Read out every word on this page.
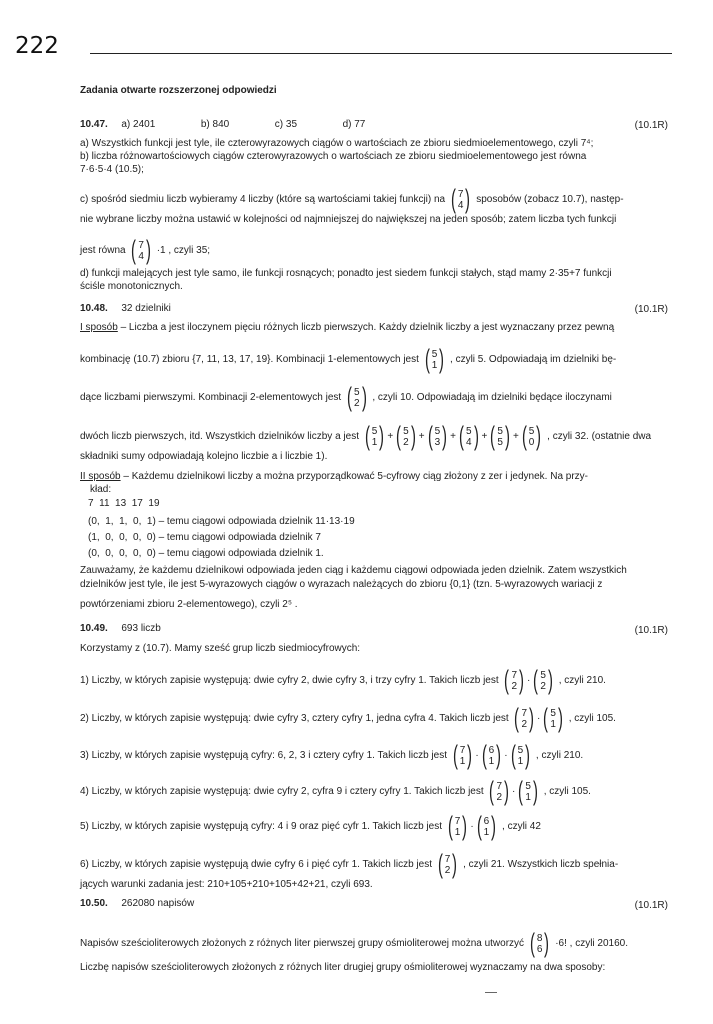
222
Zadania otwarte rozszerzonej odpowiedzi
10.47. a) 2401	b) 840	c) 35	d) 77	(10.1R)
a) Wszystkich funkcji jest tyle, ile czterowyrazowych ciągów o wartościach ze zbioru siedmioelementowego, czyli 7⁴;
b) liczba różnowartościowych ciągów czterowyrazowych o wartościach ze zbioru siedmioelementowego jest równa
7·6·5·4 (10.5);
c) spośród siedmiu liczb wybieramy 4 liczby (które są wartościami takiej funkcji) na ( 7
4 ) sposobów (zobacz 10.7), następ-
nie wybrane liczby można ustawić w kolejności od najmniejszej do największej na jeden sposób; zatem liczba tych funkcji
jest równa ( 7
4 ) ·1 , czyli 35;
d) funkcji malejących jest tyle samo, ile funkcji rosnących; ponadto jest siedem funkcji stałych, stąd mamy 2·35+7 funkcji
ściśle monotonicznych.
10.48. 32 dzielniki	(10.1R)
I sposób – Liczba a jest iloczynem pięciu różnych liczb pierwszych. Każdy dzielnik liczby a jest wyznaczany przez pewną
kombinację (10.7) zbioru {7, 11, 13, 17, 19}. Kombinacji 1-elementowych jest ( 5
1 ) , czyli 5. Odpowiadają im dzielniki bę-
dące liczbami pierwszymi. Kombinacji 2-elementowych jest ( 5
2 ) , czyli 10. Odpowiadają im dzielniki będące iloczynami
dwóch liczb pierwszych, itd. Wszystkich dzielników liczby a jest ( 5
1 ) + ( 5
2 ) + ( 5
3 ) + ( 5
4 ) + ( 5
5 ) + ( 5
0 ) , czyli 32. (ostatnie dwa
składniki sumy odpowiadają kolejno liczbie a i liczbie 1).
II sposób – Każdemu dzielnikowi liczby a można przyporządkować 5-cyfrowy ciąg złożony z zer i jedynek. Na przy-
kład:
7  11  13  17  19
(0,  1,  1,  0,  1) – temu ciągowi odpowiada dzielnik 11·13·19
(1,  0,  0,  0,  0) – temu ciągowi odpowiada dzielnik 7
(0,  0,  0,  0,  0) – temu ciągowi odpowiada dzielnik 1.
Zauważamy, że każdemu dzielnikowi odpowiada jeden ciąg i każdemu ciągowi odpowiada jeden dzielnik. Zatem wszystkich
dzielników jest tyle, ile jest 5-wyrazowych ciągów o wyrazach należących do zbioru {0,1} (tzn. 5-wyrazowych wariacji z
powtórzeniami zbioru 2-elementowego), czyli 2⁵ .
10.49. 693 liczb	(10.1R)
Korzystamy z (10.7). Mamy sześć grup liczb siedmiocyfrowych:
1) Liczby, w których zapisie występują: dwie cyfry 2, dwie cyfry 3, i trzy cyfry 1. Takich liczb jest ( 7
2 ) · ( 5
2 ) , czyli 210.
2) Liczby, w których zapisie występują: dwie cyfry 3, cztery cyfry 1, jedna cyfra 4. Takich liczb jest ( 7
2 ) · ( 5
1 ) , czyli 105.
3) Liczby, w których zapisie występują cyfry: 6, 2, 3 i cztery cyfry 1. Takich liczb jest ( 7
1 ) · ( 6
1 ) · ( 5
1 ) , czyli 210.
4) Liczby, w których zapisie występują: dwie cyfry 2, cyfra 9 i cztery cyfry 1. Takich liczb jest ( 7
2 ) · ( 5
1 ) , czyli 105.
5) Liczby, w których zapisie występują cyfry: 4 i 9 oraz pięć cyfr 1. Takich liczb jest ( 7
1 ) · ( 6
1 ) , czyli 42
6) Liczby, w których zapisie występują dwie cyfry 6 i pięć cyfr 1. Takich liczb jest ( 7
2 ) , czyli 21. Wszystkich liczb spełnia-
jących warunki zadania jest: 210+105+210+105+42+21, czyli 693.
10.50. 262080 napisów	(10.1R)
Napisów sześcioliterowych złożonych z różnych liter pierwszej grupy ośmioliterowej można utworzyć ( 8
6 ) ·6! , czyli 20160.
Liczbę napisów sześcioliterowych złożonych z różnych liter drugiej grupy ośmioliterowej wyznaczamy na dwa sposoby:
